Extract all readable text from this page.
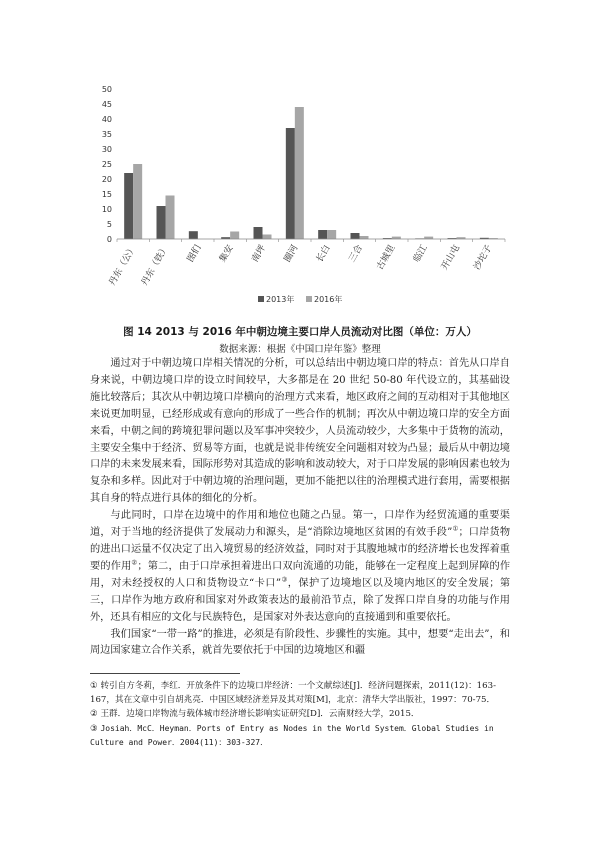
0
5
10
15
20
25
30
35
40
45
50
丹东（公） 丹东（铁） 图们 集安 南坪 圈河 长白 三合 古城里 临江 开山屯 沙坨子
2013年 2016年
图 14 2013 与 2016 年中朝边境主要口岸人员流动对比图（单位：万人）
数据来源：根据《中国口岸年鉴》整理

通过对于中朝边境口岸相关情况的分析，可以总结出中朝边境口岸的特点：首先从口岸自身来说，中朝边境口岸的设立时间较早，大多都是在 20 世纪 50-80 年代设立的，其基础设施比较落后；其次从中朝边境口岸横向的治理方式来看，地区政府之间的互动相对于其他地区来说更加明显，已经形成或有意向的形成了一些合作的机制；再次从中朝边境口岸的安全方面来看，中朝之间的跨境犯罪问题以及军事冲突较少，人员流动较少，大多集中于货物的流动，主要安全集中于经济、贸易等方面，也就是说非传统安全问题相对较为凸显；最后从中朝边境口岸的未来发展来看，国际形势对其造成的影响和波动较大，对于口岸发展的影响因素也较为复杂和多样。因此对于中朝边境的治理问题，更加不能把以往的治理模式进行套用，需要根据其自身的特点进行具体的细化的分析。

与此同时，口岸在边境中的作用和地位也随之凸显。第一，口岸作为经贸流通的重要渠道，对于当地的经济提供了发展动力和源头，是“消除边境地区贫困的有效手段”①；口岸货物的进出口运量不仅决定了出入境贸易的经济效益，同时对于其腹地城市的经济增长也发挥着重要的作用②；第二，由于口岸承担着进出口双向流通的功能，能够在一定程度上起到屏障的作用，对未经授权的人口和货物设立“卡口”③，保护了边境地区以及境内地区的安全发展；第三，口岸作为地方政府和国家对外政策表达的最前沿节点，除了发挥口岸自身的功能与作用外，还具有相应的文化与民族特色，是国家对外表达意向的直接通到和重要依托。

我们国家“一带一路”的推进，必须是有阶段性、步骤性的实施。其中，想要“走出去”，和周边国家建立合作关系，就首先要依托于中国的边境地区和疆

① 转引自方冬莉，李红．开放条件下的边境口岸经济：一个文献综述[J]．经济问题探索，2011(12)：163-167，其在文章中引自胡兆亮．中国区域经济差异及其对策[M]，北京：清华大学出版社，1997：70-75．

② 王群．边境口岸物流与载体城市经济增长影响实证研究[D]．云南财经大学，2015．

③ Josiah．McC．Heyman．Ports of Entry as Nodes in the World System．Global Studies in Culture and Power．2004(11)：303-327．
